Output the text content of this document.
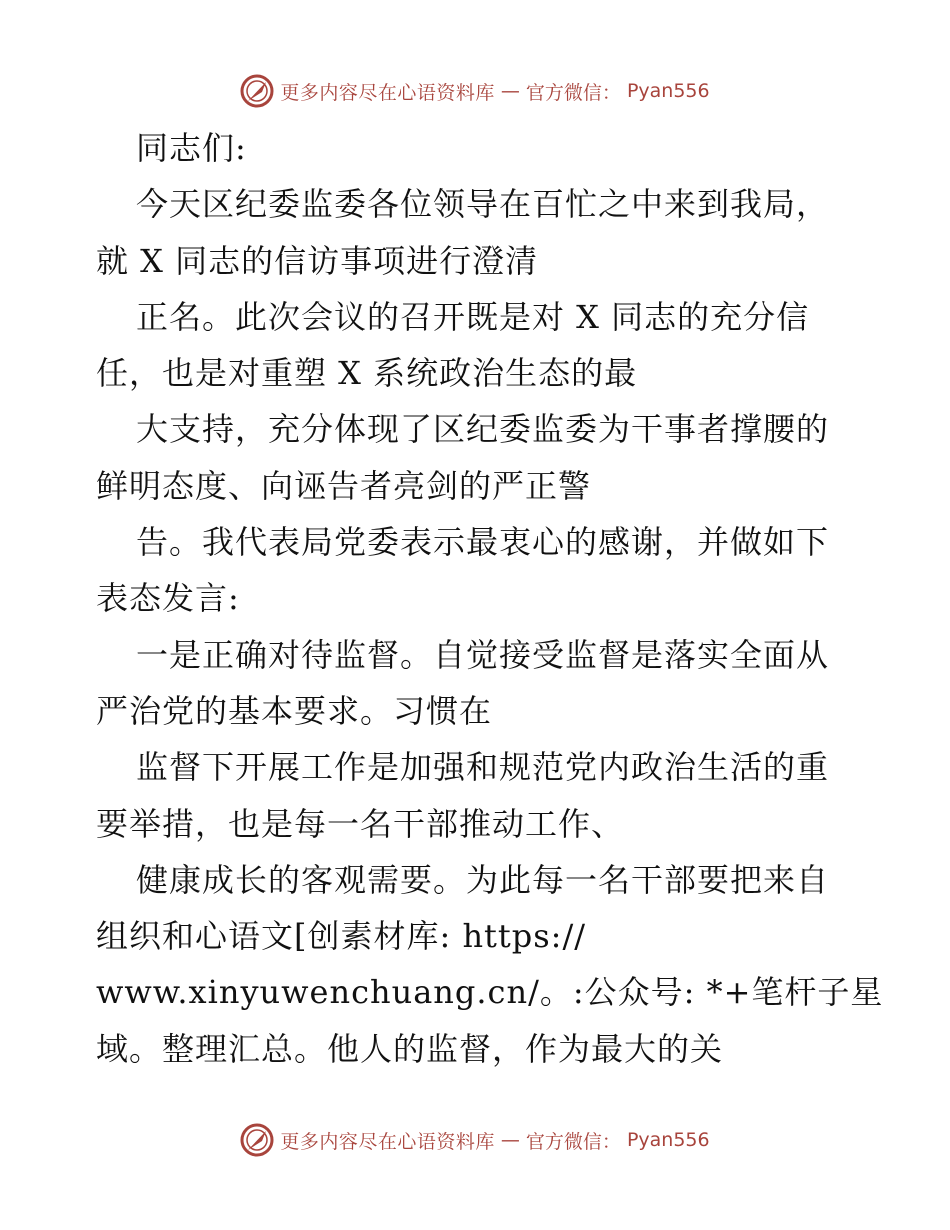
更多内容尽在心语资料库 — 官方微信： Pyan556
同志们:
今天区纪委监委各位领导在百忙之中来到我局，
就 X 同志的信访事项进行澄清
正名。此次会议的召开既是对 X 同志的充分信
任，也是对重塑 X 系统政治生态的最
大支持，充分体现了区纪委监委为干事者撑腰的
鲜明态度、向诬告者亮剑的严正警
告。我代表局党委表示最衷心的感谢，并做如下
表态发言:
一是正确对待监督。自觉接受监督是落实全面从
严治党的基本要求。习惯在
监督下开展工作是加强和规范党内政治生活的重
要举措，也是每一名干部推动工作、
健康成长的客观需要。为此每一名干部要把来自
组织和心语文[创素材库: https://
www.xinyuwenchuang.cn/。:公众号: *+笔杆子星
域。整理汇总。他人的监督，作为最大的关
更多内容尽在心语资料库 — 官方微信： Pyan556
